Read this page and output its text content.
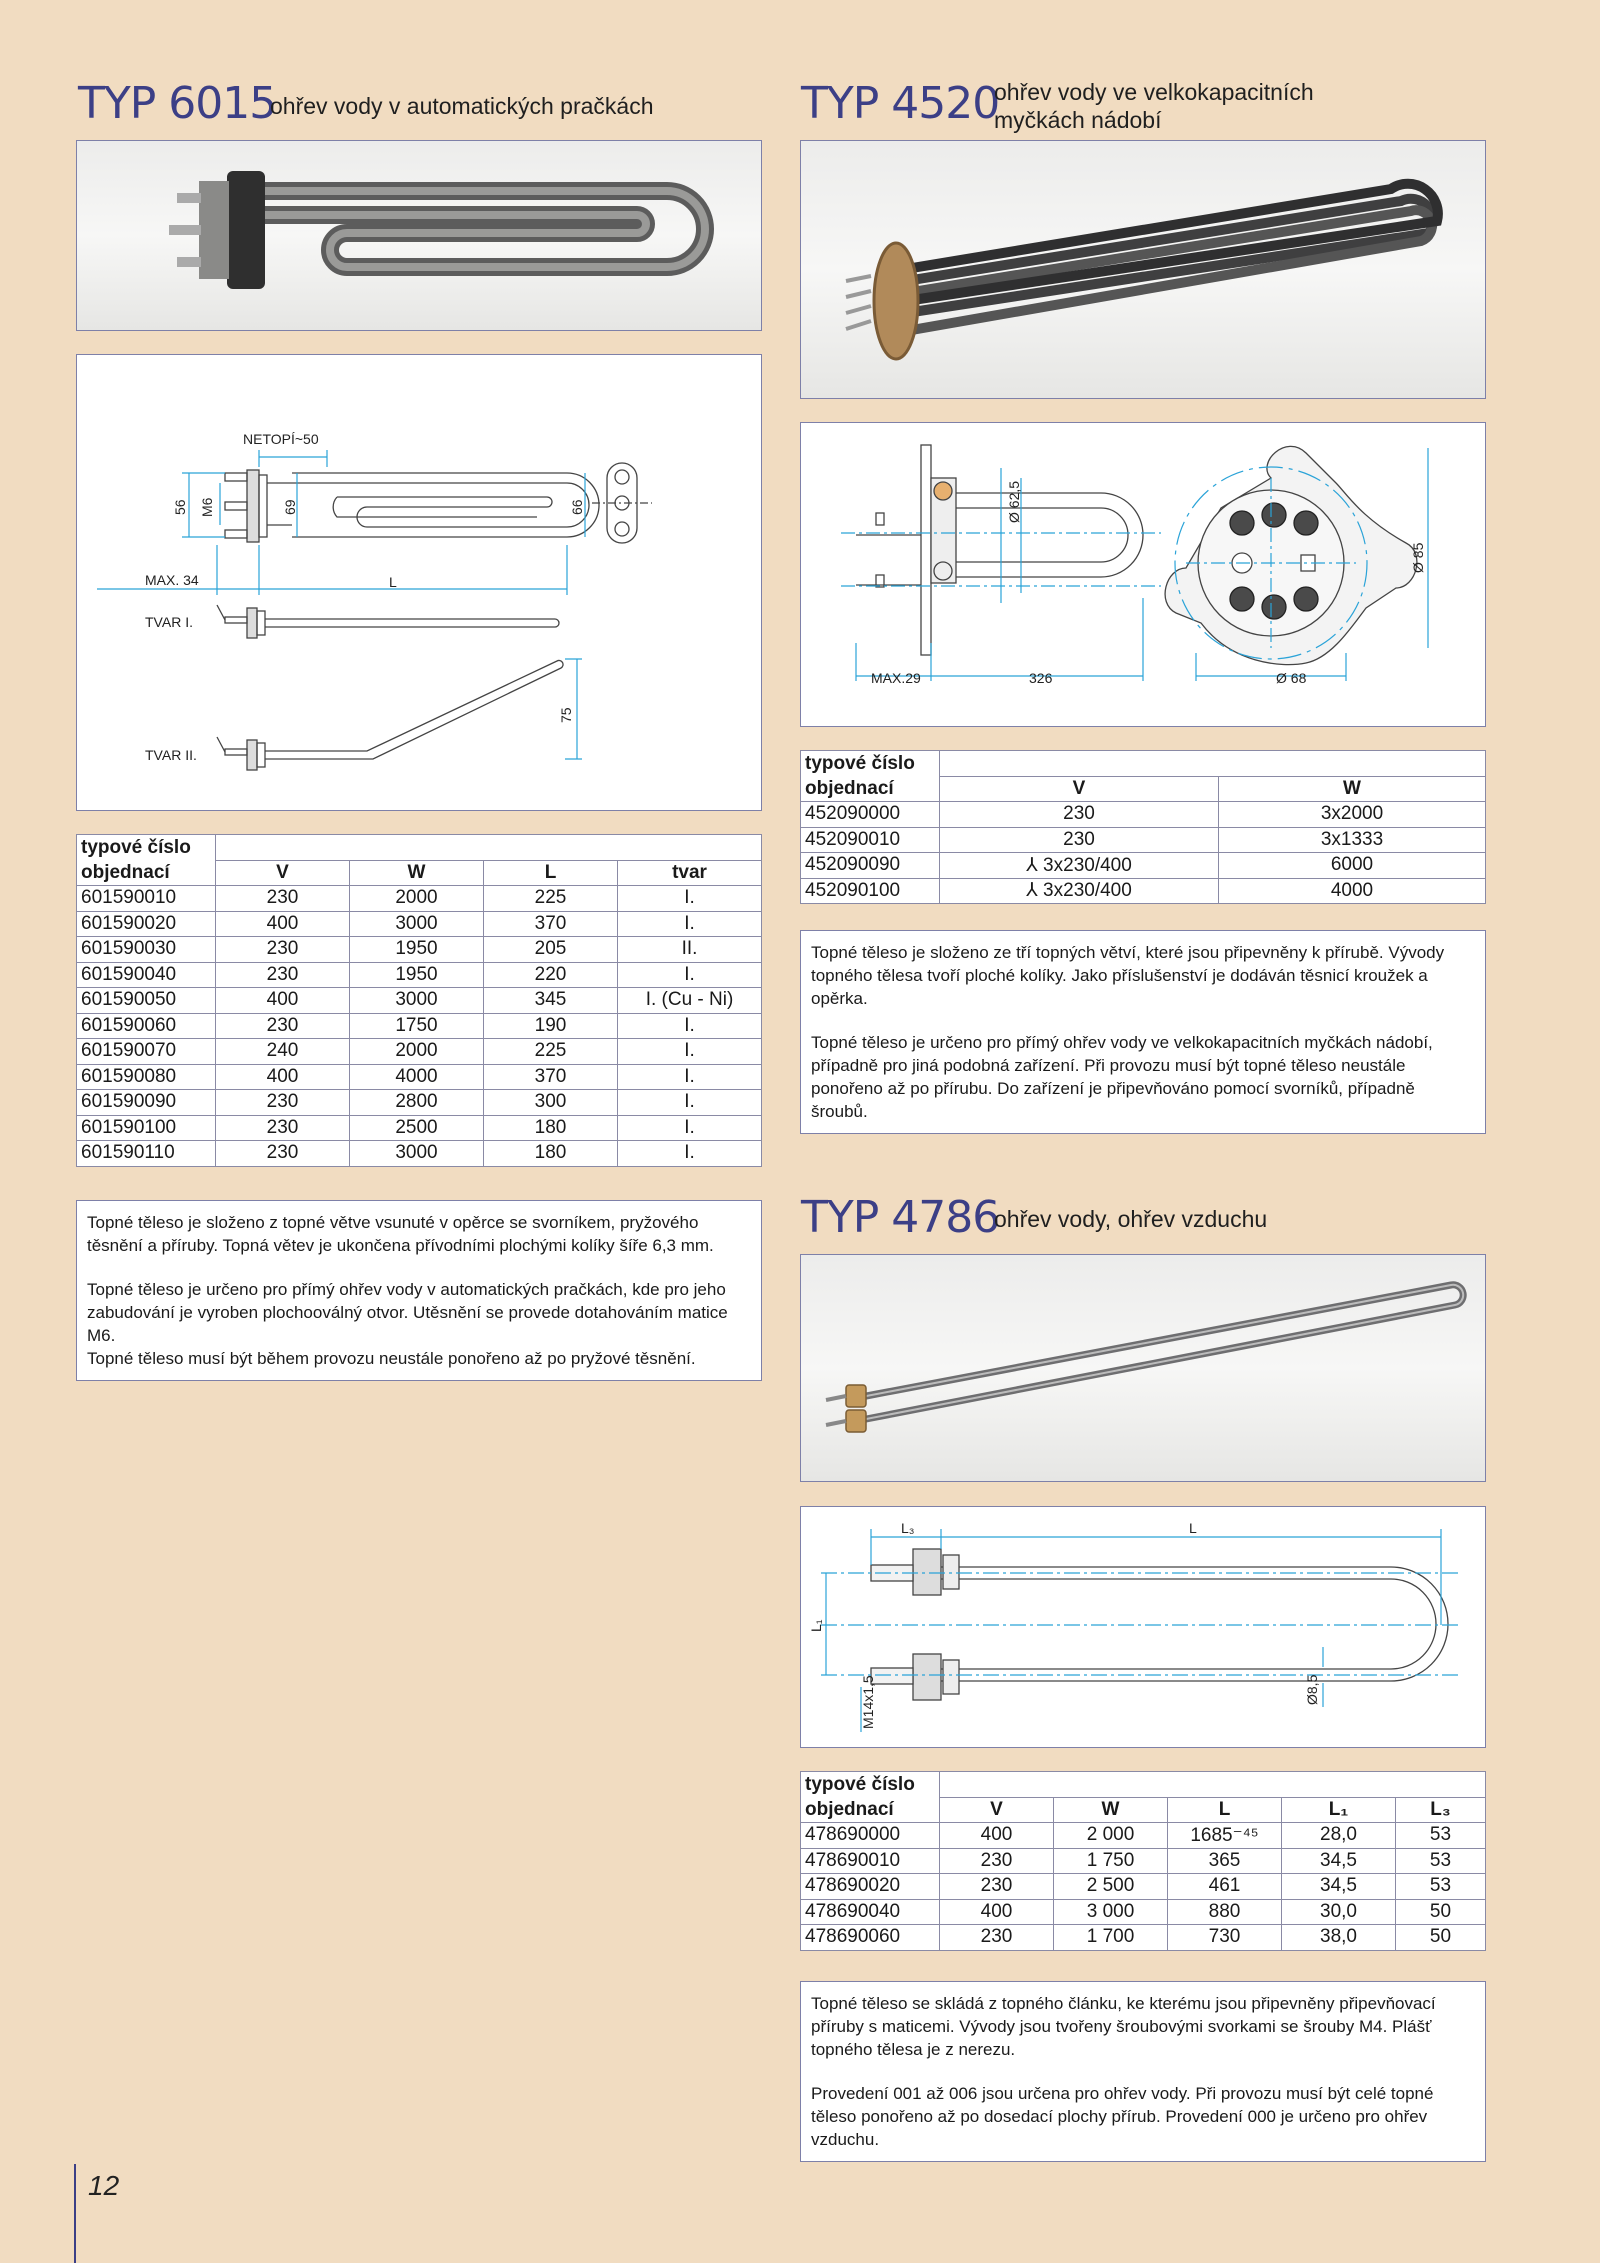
TYP 6015
ohřev vody v automatických pračkách
NETOPÍ~50
56 M6	69	66
MAX. 34	L
TVAR I.
TVAR II.
75
typové číslo				
objednací	V	W	L	tvar
601590010	230	2000	225	I.
601590020	400	3000	370	I.
601590030	230	1950	205	II.
601590040	230	1950	220	I.
601590050	400	3000	345	I. (Cu - Ni)
601590060	230	1750	190	I.
601590070	240	2000	225	I.
601590080	400	4000	370	I.
601590090	230	2800	300	I.
601590100	230	2500	180	I.
601590110	230	3000	180	I.

Topné těleso je složeno z topné větve vsunuté v opěrce se svorníkem, pryžového těsnění a příruby. Topná větev je ukončena přívodními plochými kolíky šíře 6,3 mm.

Topné těleso je určeno pro přímý ohřev vody v automatických pračkách, kde pro jeho zabudování je vyroben plochooválný otvor. Utěsnění se provede dotahováním matice M6.
Topné těleso musí být během provozu neustále ponořeno až po pryžové těsnění.

TYP 4520
ohřev vody ve velkokapacitních
myčkách nádobí
Ø 62,5
MAX.29	326	Ø 68
Ø 85
typové číslo		
objednací	V	W
452090000	230	3x2000
452090010	230	3x1333
452090090	⅄ 3x230/400	6000
452090100	⅄ 3x230/400	4000

Topné těleso je složeno ze tří topných větví, které jsou připevněny k přírubě. Vývody topného tělesa tvoří ploché kolíky. Jako příslušenství je dodáván těsnicí kroužek a opěrka.

Topné těleso je určeno pro přímý ohřev vody ve velkokapacitních myčkách nádobí, případně pro jiná podobná zařízení. Při provozu musí být topné těleso neustále ponořeno až po přírubu. Do zařízení je připevňováno pomocí svorníků, případně šroubů.

TYP 4786
ohřev vody, ohřev vzduchu
L₃	L
L₁
M14x1,5	Ø8,5
typové číslo					
objednací	V	W	L	L₁	L₃
478690000	400	2 000	1685⁻⁴⁵	28,0	53
478690010	230	1 750	365	34,5	53
478690020	230	2 500	461	34,5	53
478690040	400	3 000	880	30,0	50
478690060	230	1 700	730	38,0	50

Topné těleso se skládá z topného článku, ke kterému jsou připevněny připevňovací příruby s maticemi. Vývody jsou tvořeny šroubovými svorkami se šrouby M4. Plášť topného tělesa je z nerezu.

Provedení 001 až 006 jsou určena pro ohřev vody. Při provozu musí být celé topné těleso ponořeno až po dosedací plochy přírub. Provedení 000 je určeno pro ohřev vzduchu.

12
